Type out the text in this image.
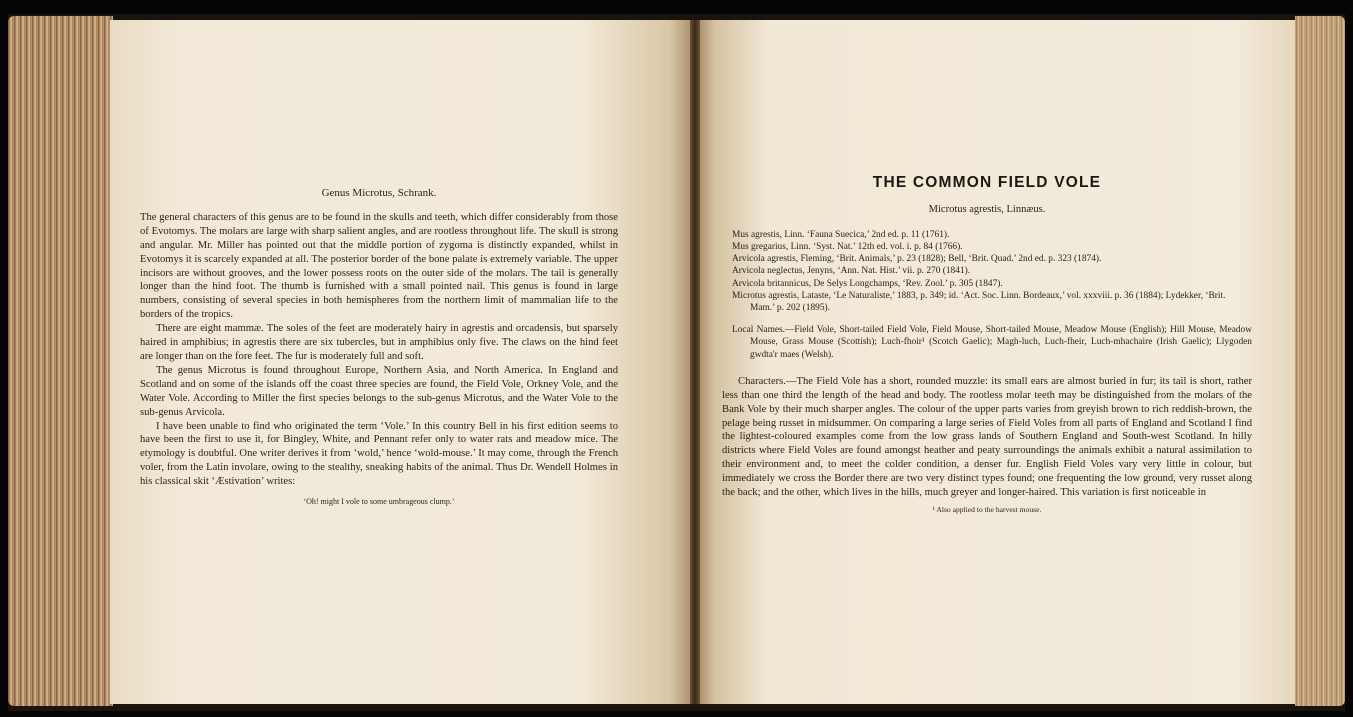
Genus Microtus, Schrank.

The general characters of this genus are to be found in the skulls and teeth, which differ considerably from those of Evotomys. The molars are large with sharp salient angles, and are rootless throughout life. The skull is strong and angular. Mr. Miller has pointed out that the middle portion of zygoma is distinctly expanded, whilst in Evotomys it is scarcely expanded at all. The posterior border of the bone palate is extremely variable. The upper incisors are without grooves, and the lower possess roots on the outer side of the molars. The tail is generally longer than the hind foot. The thumb is furnished with a small pointed nail. This genus is found in large numbers, consisting of several species in both hemispheres from the northern limit of mammalian life to the borders of the tropics.

There are eight mammæ. The soles of the feet are moderately hairy in agrestis and orcadensis, but sparsely haired in amphibius; in agrestis there are six tubercles, but in amphibius only five. The claws on the hind feet are longer than on the fore feet. The fur is moderately full and soft.

The genus Microtus is found throughout Europe, Northern Asia, and North America. In England and Scotland and on some of the islands off the coast three species are found, the Field Vole, Orkney Vole, and the Water Vole. According to Miller the first species belongs to the sub-genus Microtus, and the Water Vole to the sub-genus Arvicola.

I have been unable to find who originated the term ‘Vole.’ In this country Bell in his first edition seems to have been the first to use it, for Bingley, White, and Pennant refer only to water rats and meadow mice. The etymology is doubtful. One writer derives it from ‘wold,’ hence ‘wold-mouse.’ It may come, through the French voler, from the Latin involare, owing to the stealthy, sneaking habits of the animal. Thus Dr. Wendell Holmes in his classical skit ‘Æstivation’ writes:

‘Oh! might I vole to some umbrageous clump.’

THE COMMON FIELD VOLE

Microtus agrestis, Linnæus.

Mus agrestis, Linn. ‘Fauna Suecica,’ 2nd ed. p. 11 (1761).

Mus gregarius, Linn. ‘Syst. Nat.’ 12th ed. vol. i. p. 84 (1766).

Arvicola agrestis, Fleming, ‘Brit. Animals,’ p. 23 (1828); Bell, ‘Brit. Quad.’ 2nd ed. p. 323 (1874).

Arvicola neglectus, Jenyns, ‘Ann. Nat. Hist.’ vii. p. 270 (1841).

Arvicola britannicus, De Selys Longchamps, ‘Rev. Zool.’ p. 305 (1847).

Microtus agrestis, Lataste, ‘Le Naturaliste,’ 1883, p. 349; id. ‘Act. Soc. Linn. Bordeaux,’ vol. xxxviii. p. 36 (1884); Lydekker, ‘Brit. Mam.’ p. 202 (1895).

Local Names.—Field Vole, Short-tailed Field Vole, Field Mouse, Short-tailed Mouse, Meadow Mouse (English); Hill Mouse, Meadow Mouse, Grass Mouse (Scottish); Luch-fhoir¹ (Scotch Gaelic); Magh-luch, Luch-fheir, Luch-mhachaire (Irish Gaelic); Llygoden gwdta'r maes (Welsh).

Characters.—The Field Vole has a short, rounded muzzle: its small ears are almost buried in fur; its tail is short, rather less than one third the length of the head and body. The rootless molar teeth may be distinguished from the molars of the Bank Vole by their much sharper angles. The colour of the upper parts varies from greyish brown to rich reddish-brown, the pelage being russet in midsummer. On comparing a large series of Field Voles from all parts of England and Scotland I find the lightest-coloured examples come from the low grass lands of Southern England and South-west Scotland. In hilly districts where Field Voles are found amongst heather and peaty surroundings the animals exhibit a natural assimilation to their environment and, to meet the colder condition, a denser fur. English Field Voles vary very little in colour, but immediately we cross the Border there are two very distinct types found; one frequenting the low ground, very russet along the back; and the other, which lives in the hills, much greyer and longer-haired. This variation is first noticeable in

¹ Also applied to the harvest mouse.
